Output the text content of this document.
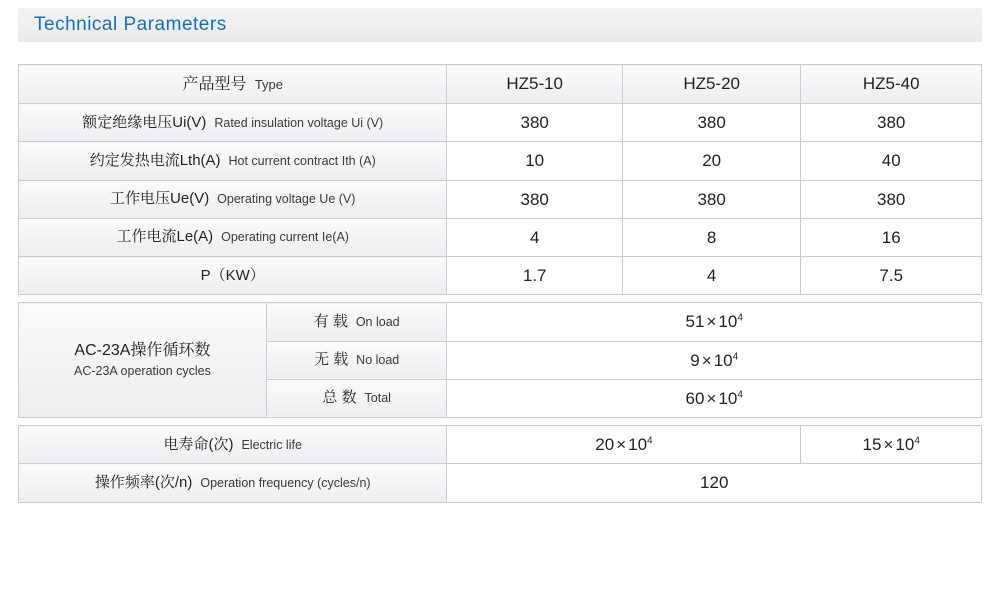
Technical Parameters
产品型号 Type		HZ5-10	HZ5-20	HZ5-40

额定绝缘电压Ui(V) Rated insulation voltage Ui (V)		380	380	380

约定发热电流Lth(A) Hot current contract Ith (A)		10	20	40

工作电压Ue(V) Operating voltage Ue (V)		380	380	380

工作电流Le(A) Operating current Ie(A)		4	8	16

P（KW）		1.7	4	7.5

AC-23A操作循环数
AC-23A operation cycles	有 载 On load	$51 \times 10^4$

	无 载 No load	$9 \times 10^4$

	总 数 Total	$60 \times 10^4$

电寿命(次) Electric life		$20 \times 10^4$		$15 \times 10^4$

操作频率(次/n) Operation frequency (cycles/n)		120		
